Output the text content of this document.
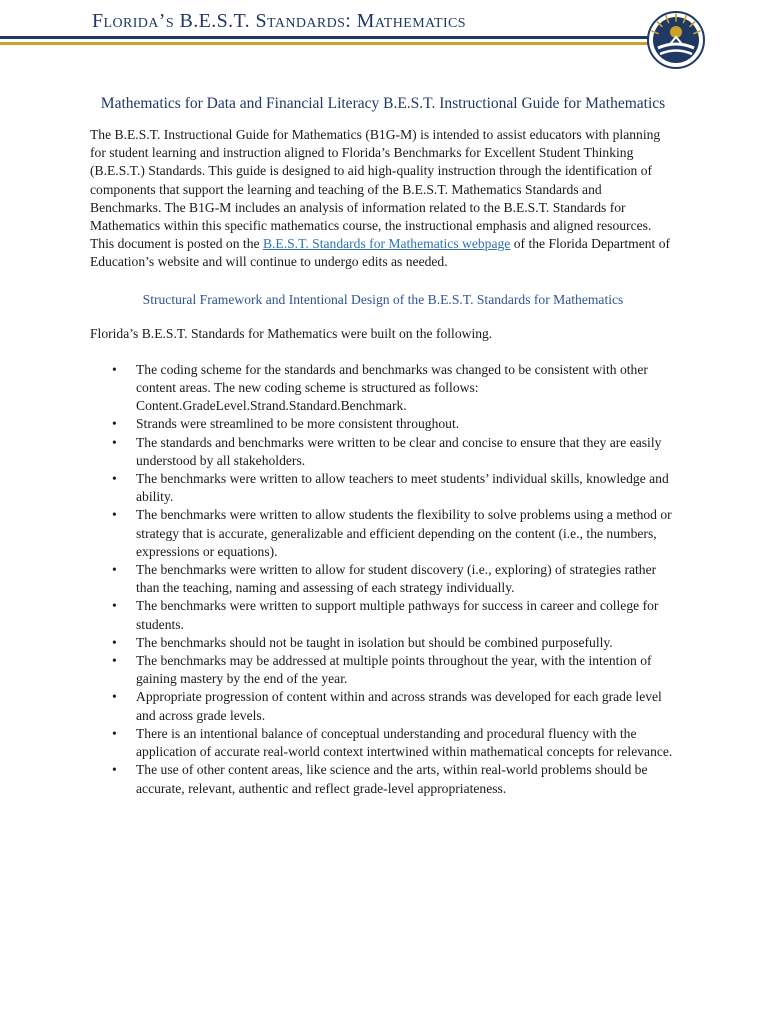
Florida’s B.E.S.T. Standards: Mathematics
Mathematics for Data and Financial Literacy B.E.S.T. Instructional Guide for Mathematics

The B.E.S.T. Instructional Guide for Mathematics (B1G-M) is intended to assist educators with planning for student learning and instruction aligned to Florida’s Benchmarks for Excellent Student Thinking (B.E.S.T.) Standards. This guide is designed to aid high-quality instruction through the identification of components that support the learning and teaching of the B.E.S.T. Mathematics Standards and Benchmarks. The B1G-M includes an analysis of information related to the B.E.S.T. Standards for Mathematics within this specific mathematics course, the instructional emphasis and aligned resources. This document is posted on the B.E.S.T. Standards for Mathematics webpage of the Florida Department of Education’s website and will continue to undergo edits as needed.

Structural Framework and Intentional Design of the B.E.S.T. Standards for Mathematics

Florida’s B.E.S.T. Standards for Mathematics were built on the following.

• The coding scheme for the standards and benchmarks was changed to be consistent with other content areas. The new coding scheme is structured as follows: Content.GradeLevel.Strand.Standard.Benchmark.
• Strands were streamlined to be more consistent throughout.
• The standards and benchmarks were written to be clear and concise to ensure that they are easily understood by all stakeholders.
• The benchmarks were written to allow teachers to meet students’ individual skills, knowledge and ability.
• The benchmarks were written to allow students the flexibility to solve problems using a method or strategy that is accurate, generalizable and efficient depending on the content (i.e., the numbers, expressions or equations).
• The benchmarks were written to allow for student discovery (i.e., exploring) of strategies rather than the teaching, naming and assessing of each strategy individually.
• The benchmarks were written to support multiple pathways for success in career and college for students.
• The benchmarks should not be taught in isolation but should be combined purposefully.
• The benchmarks may be addressed at multiple points throughout the year, with the intention of gaining mastery by the end of the year.
• Appropriate progression of content within and across strands was developed for each grade level and across grade levels.
• There is an intentional balance of conceptual understanding and procedural fluency with the application of accurate real-world context intertwined within mathematical concepts for relevance.
• The use of other content areas, like science and the arts, within real-world problems should be accurate, relevant, authentic and reflect grade-level appropriateness.
